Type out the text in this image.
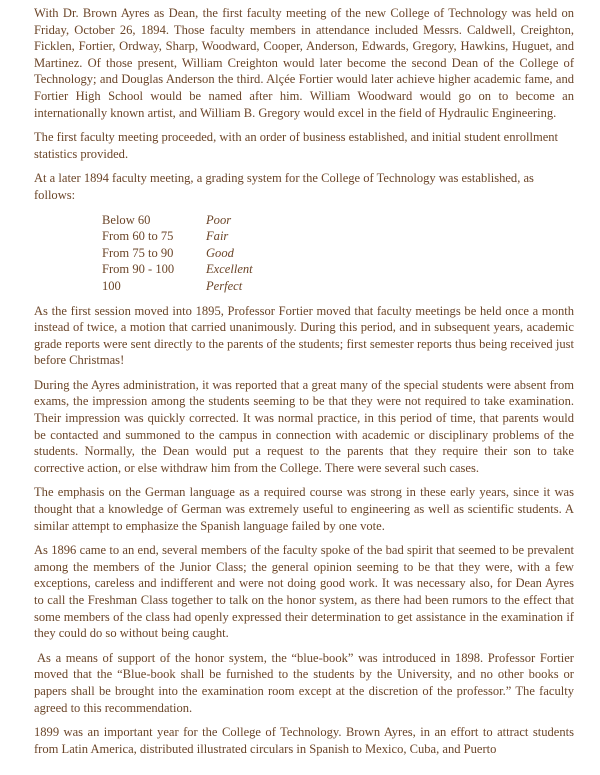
With Dr. Brown Ayres as Dean, the first faculty meeting of the new College of Technology was held on Friday, October 26, 1894. Those faculty members in attendance included Messrs. Caldwell, Creighton, Ficklen, Fortier, Ordway, Sharp, Woodward, Cooper, Anderson, Edwards, Gregory, Hawkins, Huguet, and Martinez. Of those present, William Creighton would later become the second Dean of the College of Technology; and Douglas Anderson the third. Alçée Fortier would later achieve higher academic fame, and Fortier High School would be named after him. William Woodward would go on to become an internationally known artist, and William B. Gregory would excel in the field of Hydraulic Engineering.

The first faculty meeting proceeded, with an order of business established, and initial student enrollment statistics provided.

At a later 1894 faculty meeting, a grading system for the College of Technology was established, as follows:

Below 60	Poor
From 60 to 75	Fair
From 75 to 90	Good
From 90 - 100	Excellent
100	Perfect

As the first session moved into 1895, Professor Fortier moved that faculty meetings be held once a month instead of twice, a motion that carried unanimously. During this period, and in subsequent years, academic grade reports were sent directly to the parents of the students; first semester reports thus being received just before Christmas!

During the Ayres administration, it was reported that a great many of the special students were absent from exams, the impression among the students seeming to be that they were not required to take examination. Their impression was quickly corrected. It was normal practice, in this period of time, that parents would be contacted and summoned to the campus in connection with academic or disciplinary problems of the students. Normally, the Dean would put a request to the parents that they require their son to take corrective action, or else withdraw him from the College. There were several such cases.

The emphasis on the German language as a required course was strong in these early years, since it was thought that a knowledge of German was extremely useful to engineering as well as scientific students. A similar attempt to emphasize the Spanish language failed by one vote.

As 1896 came to an end, several members of the faculty spoke of the bad spirit that seemed to be prevalent among the members of the Junior Class; the general opinion seeming to be that they were, with a few exceptions, careless and indifferent and were not doing good work. It was necessary also, for Dean Ayres to call the Freshman Class together to talk on the honor system, as there had been rumors to the effect that some members of the class had openly expressed their determination to get assistance in the examination if they could do so without being caught.

As a means of support of the honor system, the “blue-book” was introduced in 1898. Professor Fortier moved that the “Blue-book shall be furnished to the students by the University, and no other books or papers shall be brought into the examination room except at the discretion of the professor.” The faculty agreed to this recommendation.

1899 was an important year for the College of Technology. Brown Ayres, in an effort to attract students from Latin America, distributed illustrated circulars in Spanish to Mexico, Cuba, and Puerto
